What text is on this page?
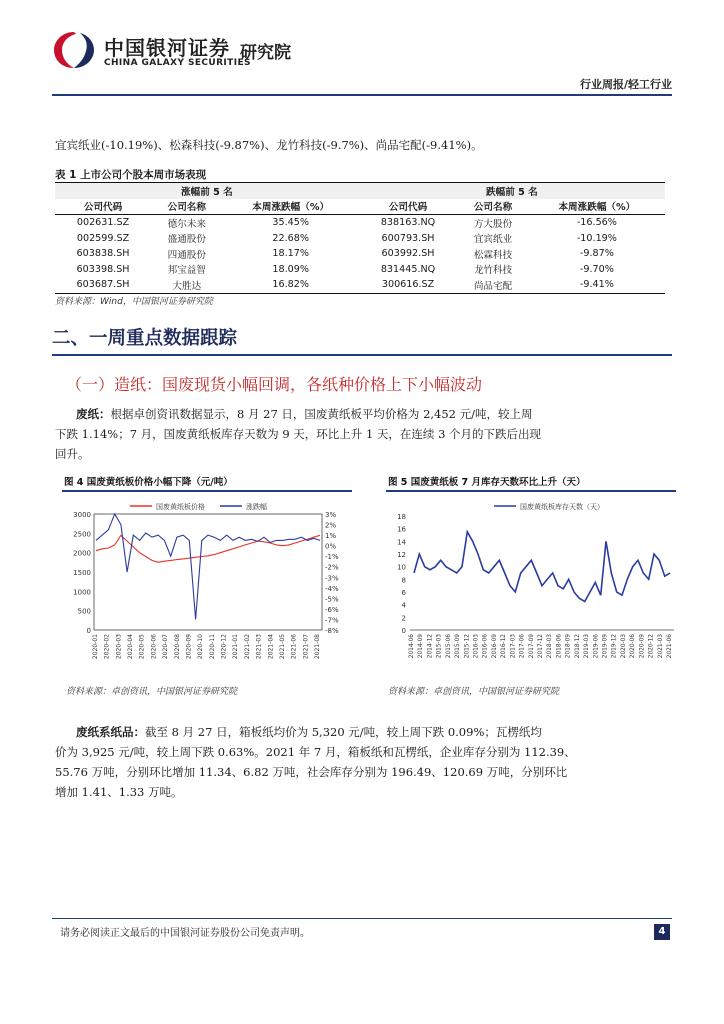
中国银河证券
CHINA GALAXY SECURITIES
研究院
行业周报/轻工行业
宜宾纸业(-10.19%)、松森科技(-9.87%)、龙竹科技(-9.7%)、尚品宅配(-9.41%)。
表 1 上市公司个股本周市场表现
涨幅前 5 名			跌幅前 5 名		
公司代码	公司名称	本周涨跌幅（%）	公司代码	公司名称	本周涨跌幅（%）
002631.SZ	德尔未来	35.45%	838163.NQ	方大股份	-16.56%
002599.SZ	盛通股份	22.68%	600793.SH	宜宾纸业	-10.19%
603838.SH	四通股份	18.17%	603992.SH	松霖科技	-9.87%
603398.SH	邦宝益智	18.09%	831445.NQ	龙竹科技	-9.70%
603687.SH	大胜达	16.82%	300616.SZ	尚品宅配	-9.41%
资料来源：Wind，中国银河证券研究院
二、一周重点数据跟踪
（一）造纸：国废现货小幅回调，各纸种价格上下小幅波动
废纸：根据卓创资讯数据显示，8 月 27 日，国废黄纸板平均价格为 2,452 元/吨，较上周
下跌 1.14%；7 月，国废黄纸板库存天数为 9 天，环比上升 1 天，在连续 3 个月的下跌后出现
回升。
图 4 国废黄纸板价格小幅下降（元/吨）	图 5 国废黄纸板 7 月库存天数环比上升（天）
0
500
1000
1500
2000
2500
3000	3%
2%
1%
0%
-1%
-2%
-3%
-4%
-5%
-6%
-7%
-8%
2020-01 2020-02 2020-03 2020-04 2020-05 2020-06 2020-07 2020-08 2020-09 2020-10 2020-11 2020-12 2021-01 2021-02 2021-03 2021-04 2021-05 2021-06 2021-07 2021-08
国废黄纸板价格	涨跌幅
0
2
4
6
8
10
12
14
16
18
2014-06 2014-09 2014-12 2015-03 2015-06 2015-09 2015-12 2016-03 2016-06 2016-09 2016-12 2017-03 2017-06 2017-09 2017-12 2018-03 2018-06 2018-09 2018-12 2019-03 2019-06 2019-09 2019-12 2020-03 2020-06 2020-09 2020-12 2021-03 2021-06
国废黄纸板库存天数（天）
资料来源：卓创资讯，中国银河证券研究院	资料来源：卓创资讯，中国银河证券研究院
废纸系纸品：截至 8 月 27 日，箱板纸均价为 5,320 元/吨，较上周下跌 0.09%；瓦楞纸均
价为 3,925 元/吨，较上周下跌 0.63%。2021 年 7 月，箱板纸和瓦楞纸，企业库存分别为 112.39、
55.76 万吨，分别环比增加 11.34、6.82 万吨，社会库存分别为 196.49、120.69 万吨，分别环比
增加 1.41、1.33 万吨。
请务必阅读正文最后的中国银河证券股份公司免责声明。	4
